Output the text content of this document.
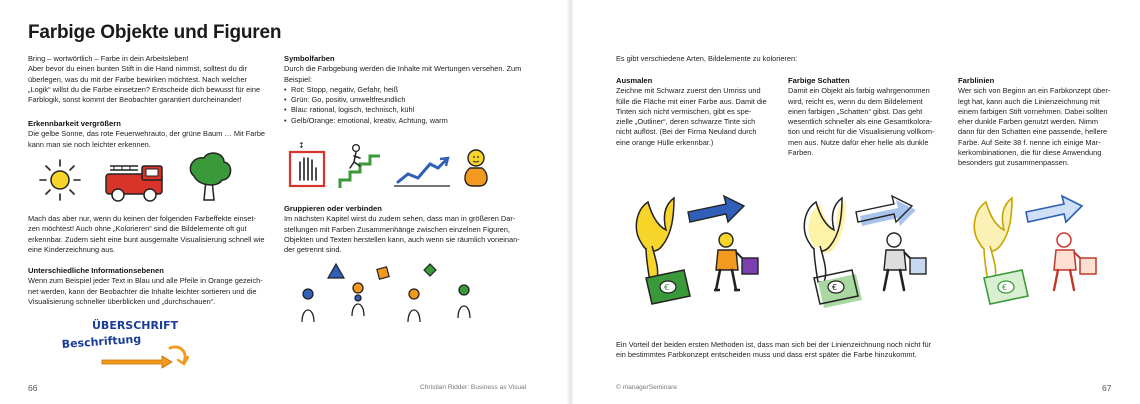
Farbige Objekte und Figuren

Bring – wortwörtlich – Farbe in dein Arbeitsleben!

Aber bevor du einen bunten Stift in die Hand nimmst, solltest du dir

überlegen, was du mit der Farbe bewirken möchtest. Nach welcher

„Logik“ willst du die Farbe einsetzen? Entscheide dich bewusst für eine

Farblogik, sonst kommt der Beobachter garantiert durcheinander!

Erkennbarkeit vergrößern

Die gelbe Sonne, das rote Feuerwehrauto, der grüne Baum … Mit Farbe

kann man sie noch leichter erkennen.

Mach das aber nur, wenn du keinen der folgenden Farbeffekte einset-

zen möchtest! Auch ohne „Kolorieren“ sind die Bildelemente oft gut

erkennbar. Zudem sieht eine bunt ausgemalte Visualisierung schnell wie

eine Kinderzeichnung aus.

Unterschiedliche Informationsebenen

Wenn zum Beispiel jeder Text in Blau und alle Pfeile in Orange gezeich-

net werden, kann der Beobachter die Inhalte leichter sortieren und die

Visualisierung schneller überblicken und „durchschauen“.

ÜBERSCHRIFT
Beschriftung

Symbolfarben

Durch die Farbgebung werden die Inhalte mit Wertungen versehen. Zum

Beispiel:

• Rot: Stopp, negativ, Gefahr, heiß
• Grün: Go, positiv, umweltfreundlich
• Blau: rational, logisch, technisch, kühl
• Gelb/Orange: emotional, kreativ, Achtung, warm
↕

Gruppieren oder verbinden

Im nächsten Kapitel wirst du zudem sehen, dass man in größeren Dar-

stellungen mit Farben Zusammenhänge zwischen einzelnen Figuren,

Objekten und Texten herstellen kann, auch wenn sie räumlich voneinan-

der getrennt sind.

66	Christian Ridder: Business as Visual
Es gibt verschiedene Arten, Bildelemente zu kolorieren:

Ausmalen

Zeichne mit Schwarz zuerst den Umriss und

fülle die Fläche mit einer Farbe aus. Damit die

Tinten sich nicht vermischen, gibt es spe-

zielle „Outliner“, deren schwarze Tinte sich

nicht auflöst. (Bei der Firma Neuland durch

eine orange Hülle erkennbar.)

Farbige Schatten

Damit ein Objekt als farbig wahrgenommen

wird, reicht es, wenn du dem Bildelement

einen farbigen „Schatten“ gibst. Das geht

wesentlich schneller als eine Gesamtkolora-

tion und reicht für die Visualisierung vollkom-

men aus. Nutze dafür eher helle als dunkle

Farben.

Farblinien

Wer sich von Beginn an ein Farbkonzept über-

legt hat, kann auch die Linienzeichnung mit

einem farbigen Stift vornehmen. Dabei sollten

eher dunkle Farben genutzt werden. Nimm

dann für den Schatten eine passende, hellere

Farbe. Auf Seite 38 f. nenne ich einige Mar-

kerkombinationen, die für diese Anwendung

besonders gut zusammenpassen.

€	€	€

Ein Vorteil der beiden ersten Methoden ist, dass man sich bei der Linienzeichnung noch nicht für

ein bestimmtes Farbkonzept entscheiden muss und dass erst später die Farbe hinzukommt.

© managerSeminare	67
